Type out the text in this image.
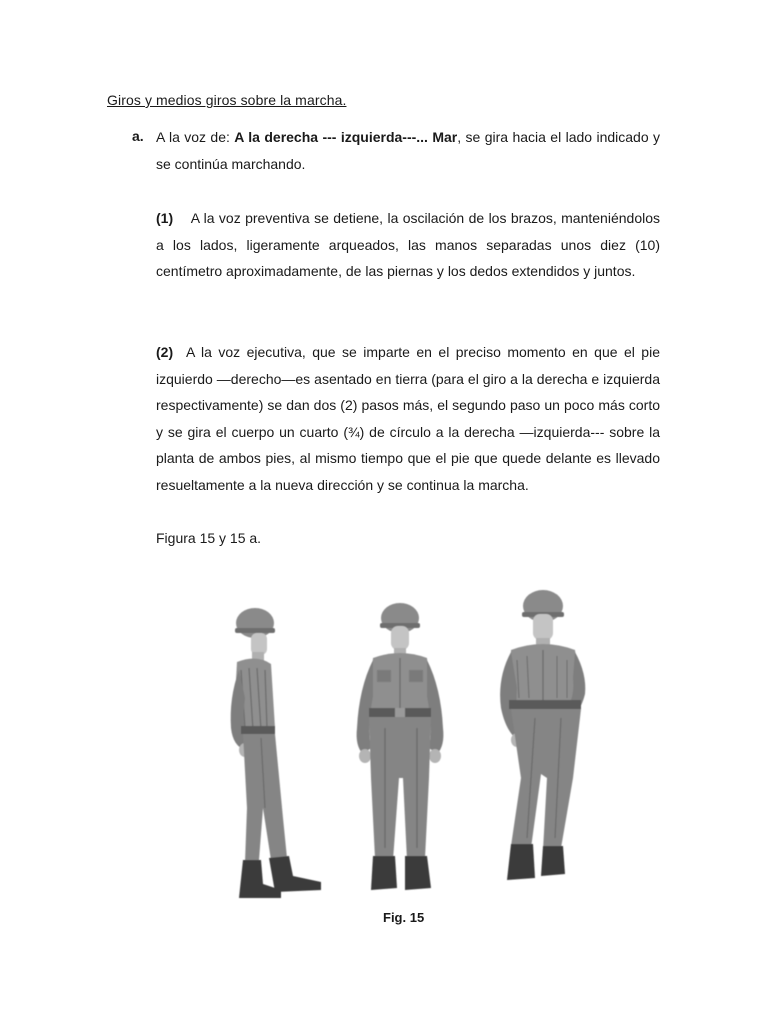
Giros y medios giros sobre la marcha.
a. A la voz de: A la derecha --- izquierda---... Mar, se gira hacia el lado indicado y se continúa marchando.
(1) A la voz preventiva se detiene, la oscilación de los brazos, manteniéndolos a los lados, ligeramente arqueados, las manos separadas unos diez (10) centímetro aproximadamente, de las piernas y los dedos extendidos y juntos.
(2) A la voz ejecutiva, que se imparte en el preciso momento en que el pie izquierdo —derecho—es asentado en tierra (para el giro a la derecha e izquierda respectivamente) se dan dos (2) pasos más, el segundo paso un poco más corto y se gira el cuerpo un cuarto (¾) de círculo a la derecha —izquierda--- sobre la planta de ambos pies, al mismo tiempo que el pie que quede delante es llevado resueltamente a la nueva dirección y se continua la marcha.
Figura 15 y 15 a.
Fig. 15
